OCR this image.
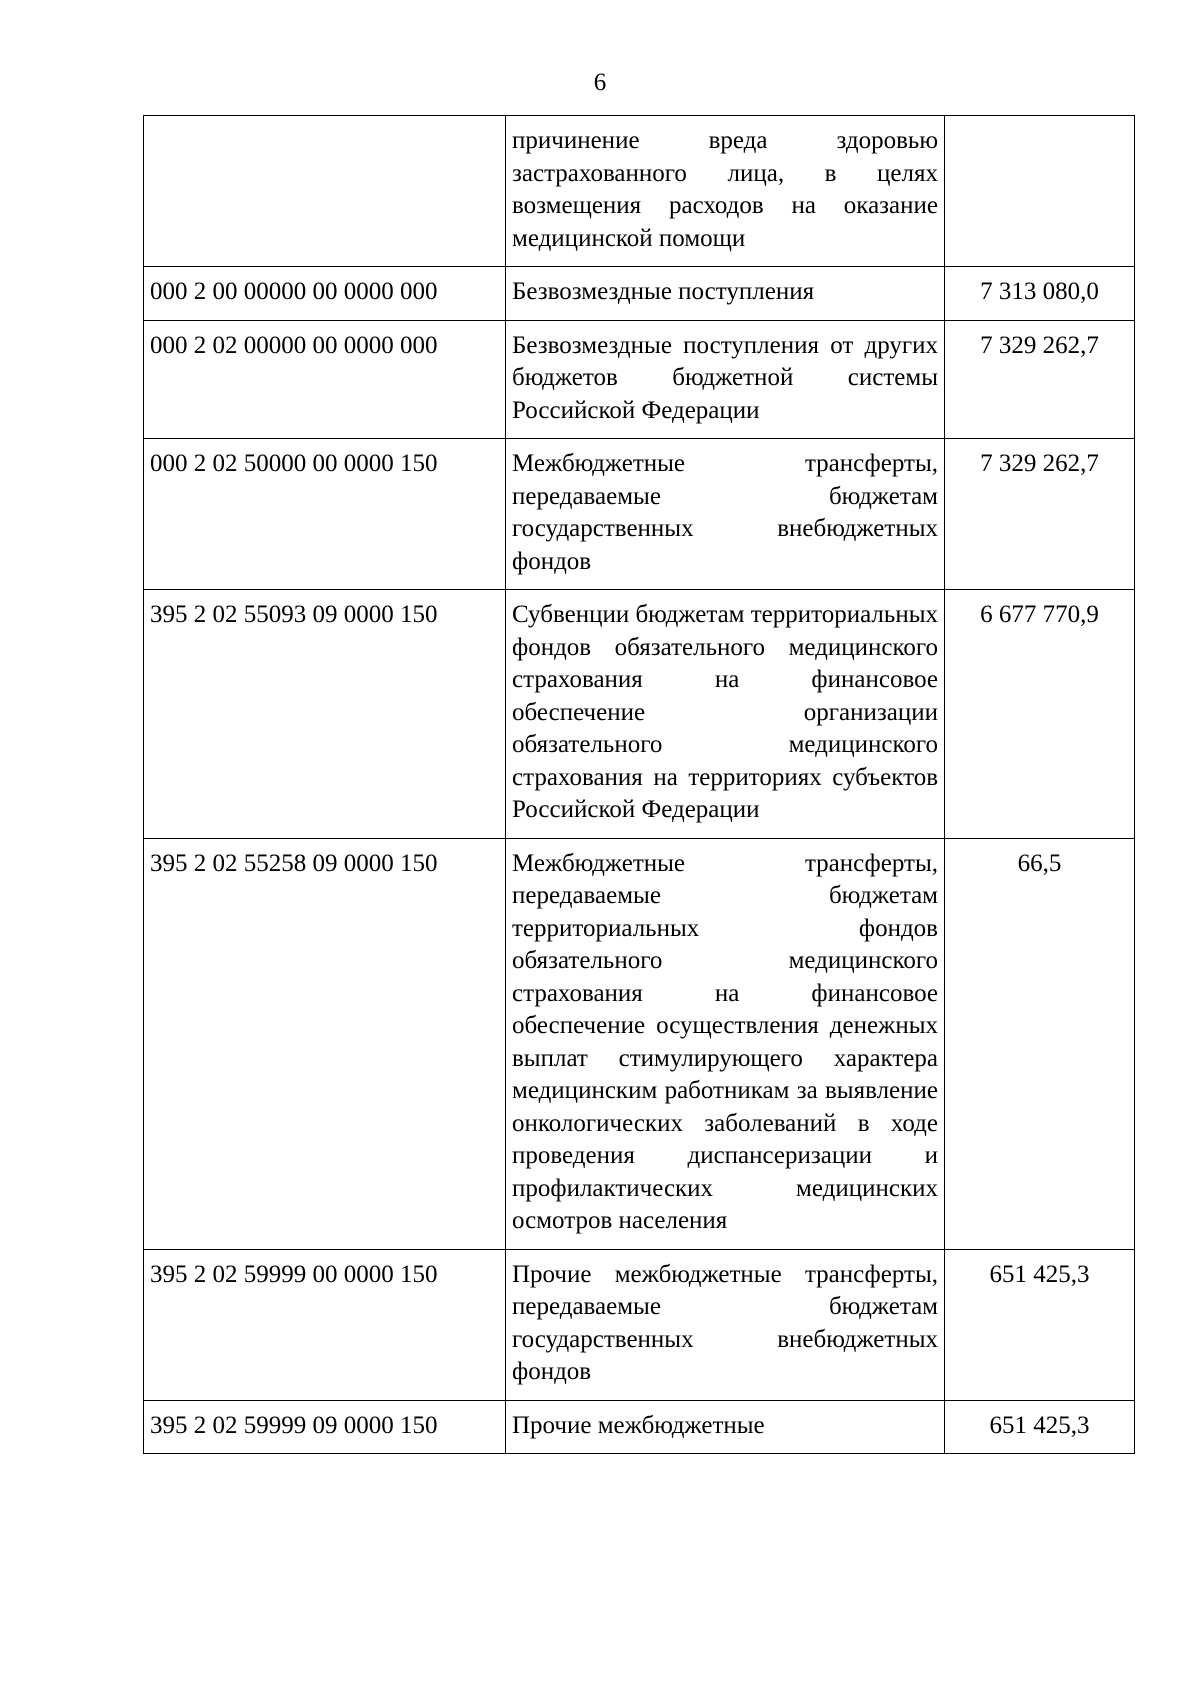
6
	причинение вреда здоровью застрахованного лица, в целях возмещения расходов на оказание медицинской помощи	
000 2 00 00000 00 0000 000	Безвозмездные поступления	7 313 080,0
000 2 02 00000 00 0000 000	Безвозмездные поступления от других бюджетов бюджетной системы Российской Федерации	7 329 262,7
000 2 02 50000 00 0000 150	Межбюджетные трансферты, передаваемые бюджетам государственных внебюджетных фондов	7 329 262,7
395 2 02 55093 09 0000 150	Субвенции бюджетам территориальных фондов обязательного медицинского страхования на финансовое обеспечение организации обязательного медицинского страхования на территориях субъектов Российской Федерации	6 677 770,9
395 2 02 55258 09 0000 150	Межбюджетные трансферты, передаваемые бюджетам территориальных фондов обязательного медицинского страхования на финансовое обеспечение осуществления денежных выплат стимулирующего характера медицинским работникам за выявление онкологических заболеваний в ходе проведения диспансеризации и профилактических медицинских осмотров населения	66,5
395 2 02 59999 00 0000 150	Прочие межбюджетные трансферты, передаваемые бюджетам государственных внебюджетных фондов	651 425,3
395 2 02 59999 09 0000 150	Прочие межбюджетные	651 425,3
